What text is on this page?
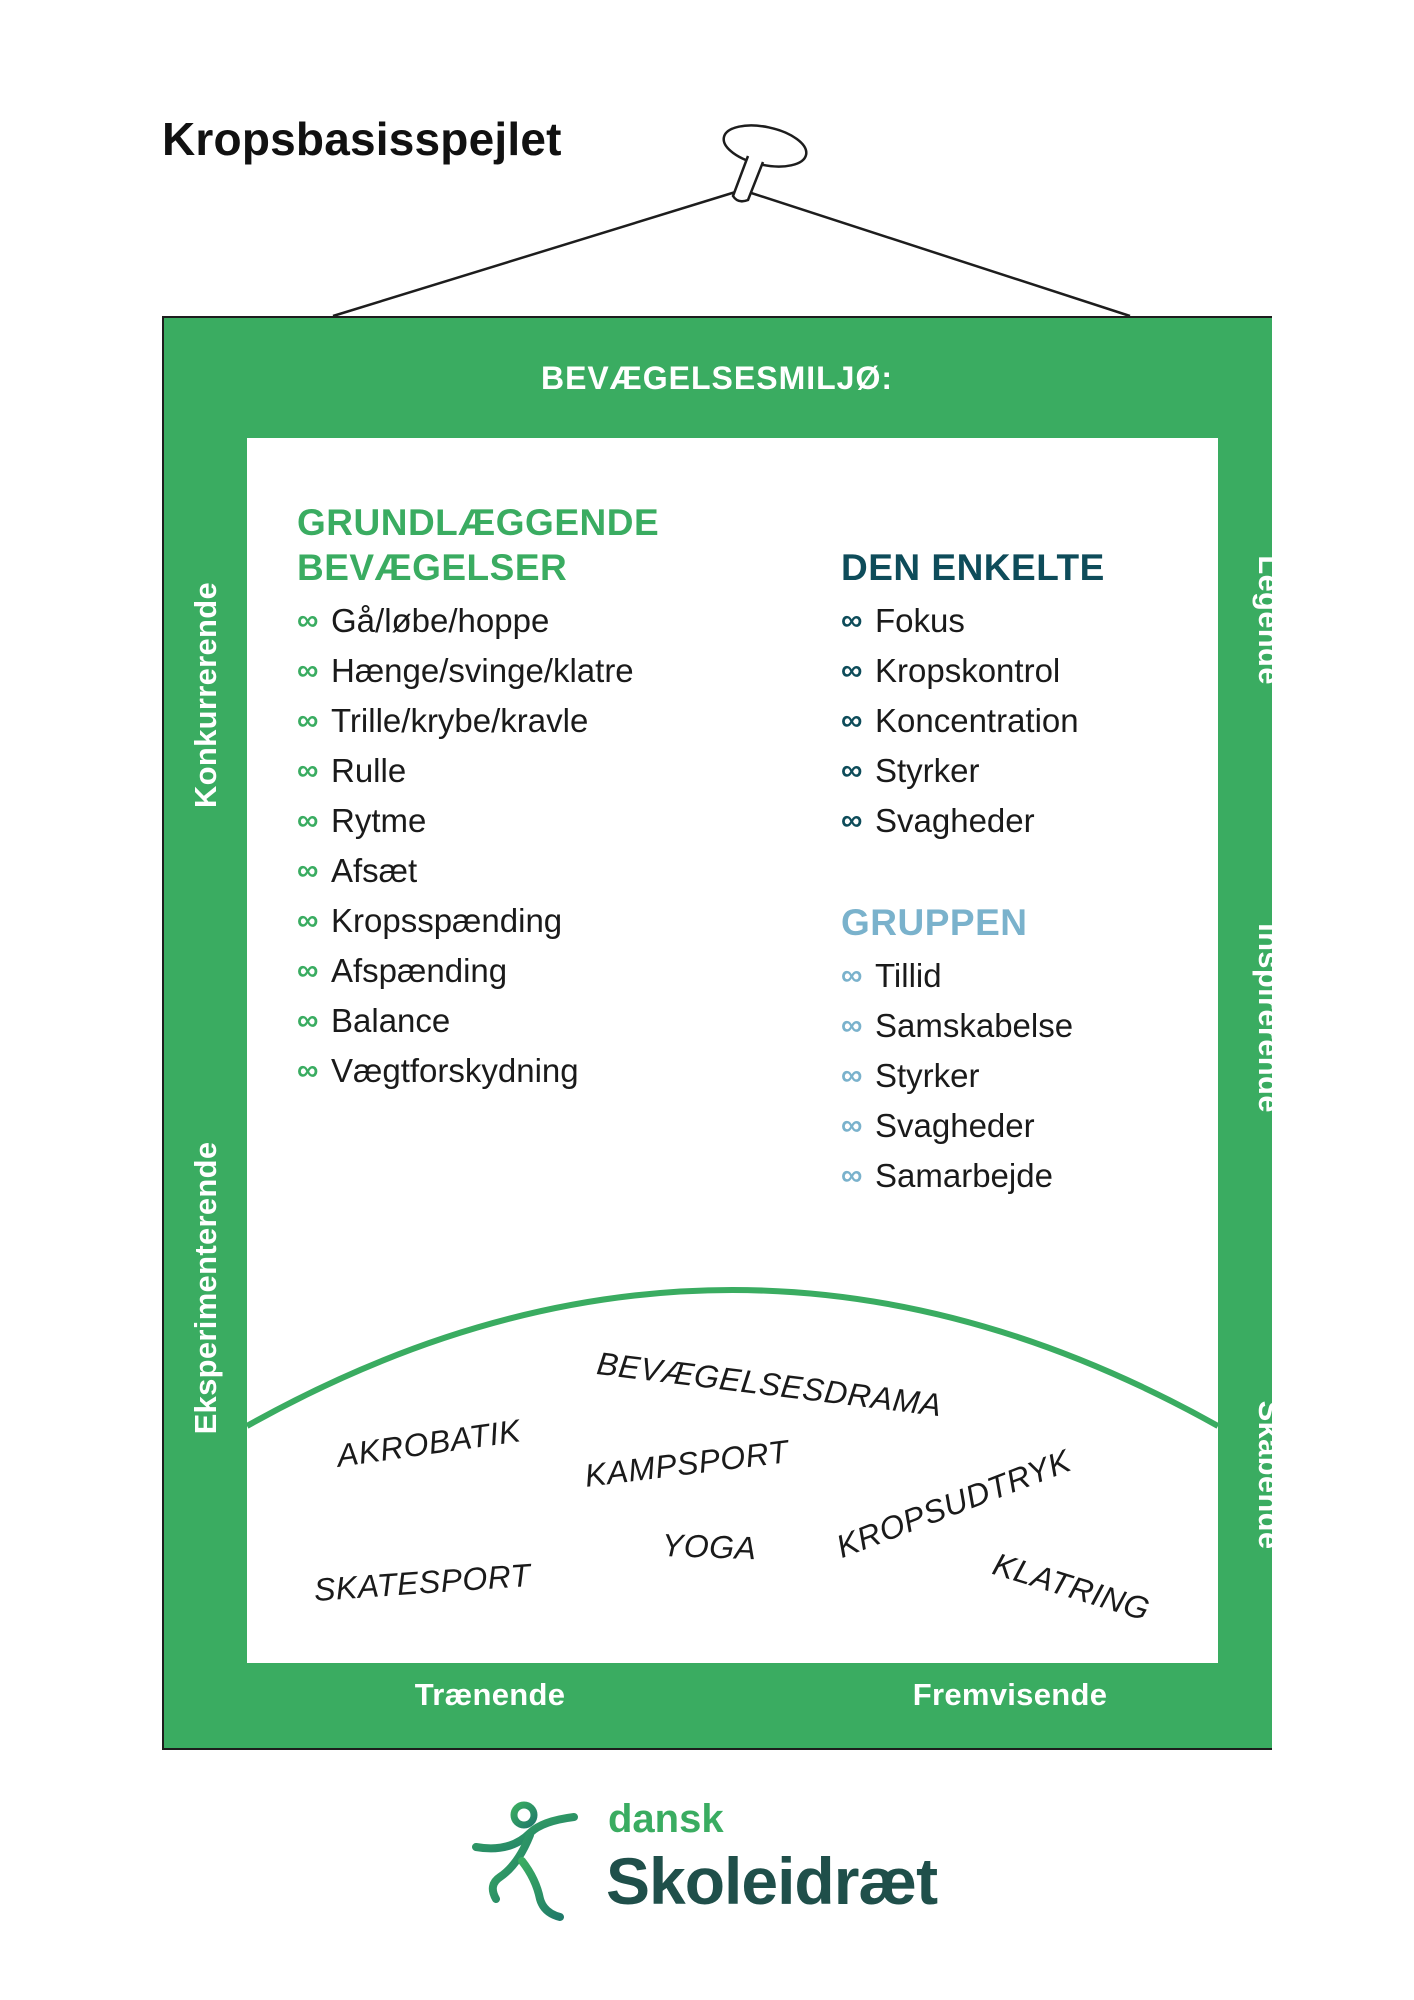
Kropsbasisspejlet
BEVÆGELSESMILJØ:
Konkurrerende
Eksperimenterende
Legende
Inspirerende
Skabende
Trænende	Fremvisende
GRUNDLÆGGENDE
BEVÆGELSER
∞ Gå/løbe/hoppe
∞ Hænge/svinge/klatre
∞ Trille/krybe/kravle
∞ Rulle
∞ Rytme
∞ Afsæt
∞ Kropsspænding
∞ Afspænding
∞ Balance
∞ Vægtforskydning
DEN ENKELTE
∞ Fokus
∞ Kropskontrol
∞ Koncentration
∞ Styrker
∞ Svagheder
GRUPPEN
∞ Tillid
∞ Samskabelse
∞ Styrker
∞ Svagheder
∞ Samarbejde
BEVÆGELSESDRAMA
AKROBATIK KAMPSPORT KROPSUDTRYK
YOGA
SKATESPORT	KLATRING
dansk
Skoleidræt
